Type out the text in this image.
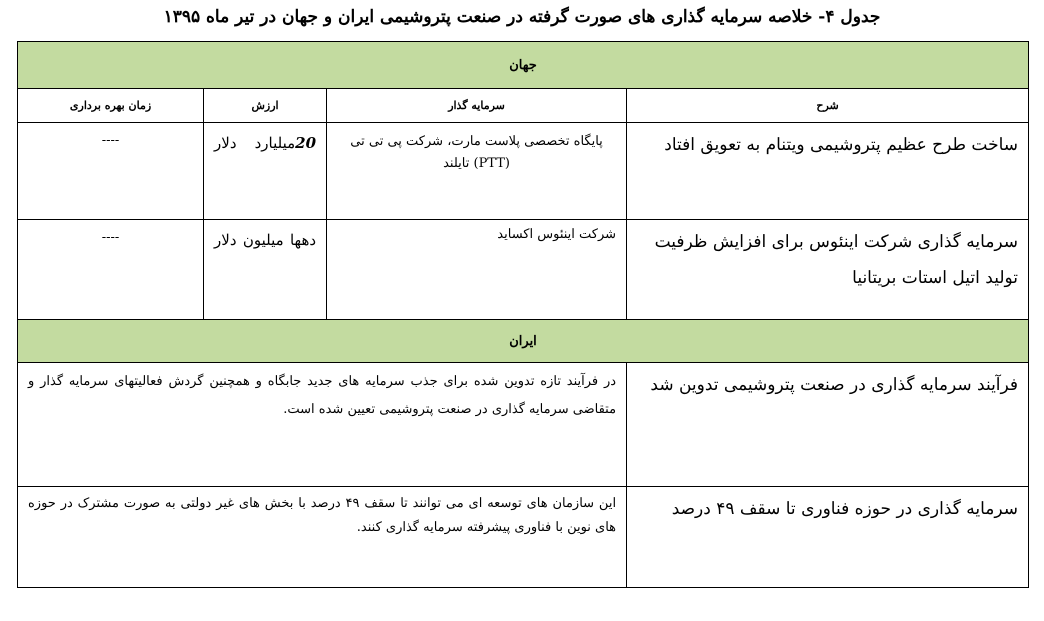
جدول ۴- خلاصه سرمایه گذاری های صورت گرفته در صنعت پتروشیمی ایران و جهان در تیر ماه ۱۳۹۵
جهان			
شرح	سرمایه گذار	ارزش	زمان بهره برداری
ساخت طرح عظیم پتروشیمی ویتنام به تعویق افتاد	پایگاه تخصصی پلاست مارت، شرکت پی تی تی (PTT) تایلند	20میلیارد دلار	----
سرمایه گذاری شرکت اینئوس برای افزایش ظرفیت تولید اتیل استات بریتانیا	شرکت اینئوس اکساید	دهها میلیون دلار	----
ایران			
فرآیند سرمایه گذاری در صنعت پتروشیمی تدوین شد	در فرآیند تازه تدوین شده برای جذب سرمایه های جدید جابگاه و همچنین گردش فعالیتهای سرمایه گذار و متقاضی سرمایه گذاری در صنعت پتروشیمی تعیین شده است.		
سرمایه گذاری در حوزه فناوری تا سقف ۴۹ درصد	این سازمان های توسعه ای می توانند تا سقف ۴۹ درصد با بخش های غیر دولتی به صورت مشترک در حوزه های نوین با فناوری پیشرفته سرمایه گذاری کنند.		
